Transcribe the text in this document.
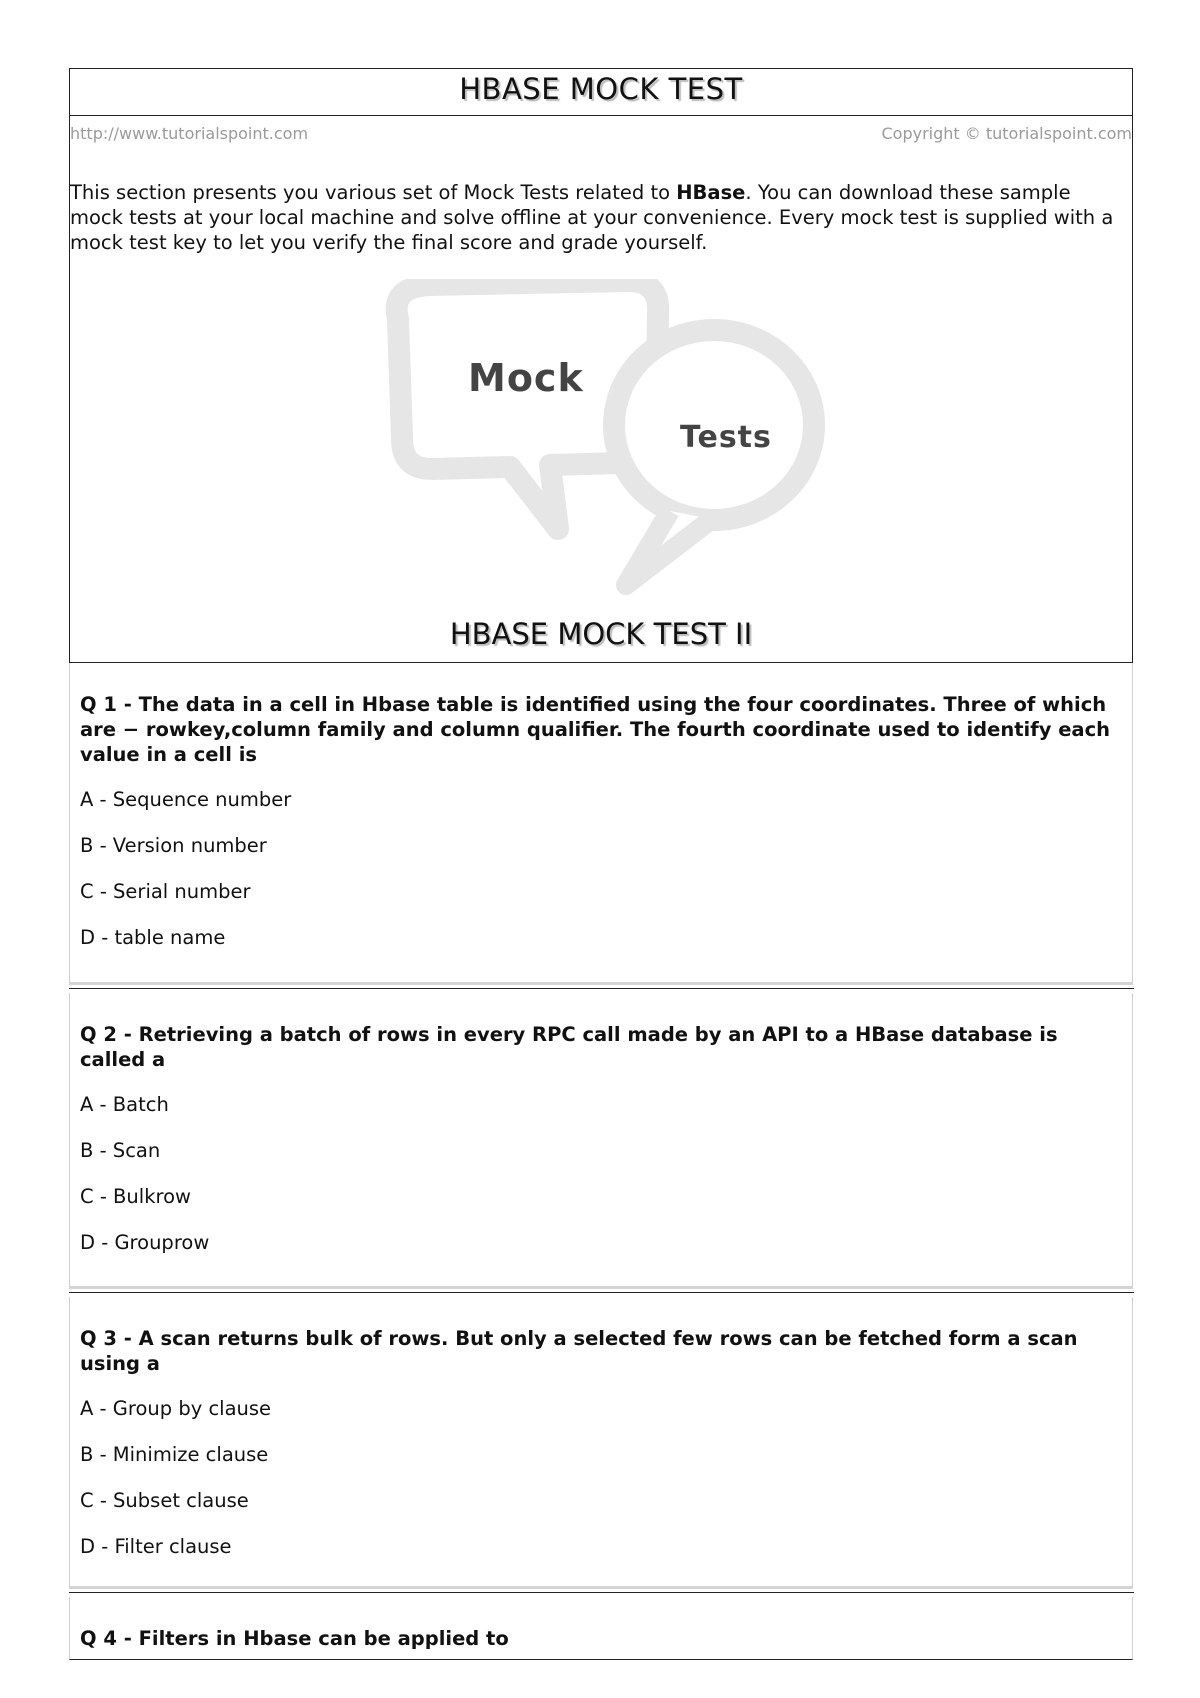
HBASE MOCK TEST
http://www.tutorialspoint.com	Copyright © tutorialspoint.com
This section presents you various set of Mock Tests related to HBase. You can download these sample mock tests at your local machine and solve offline at your convenience. Every mock test is supplied with a mock test key to let you verify the final score and grade yourself.
Mock
Tests
HBASE MOCK TEST II
Q 1 - The data in a cell in Hbase table is identified using the four coordinates. Three of which are − rowkey,column family and column qualifier. The fourth coordinate used to identify each value in a cell is
A - Sequence number
B - Version number
C - Serial number
D - table name
Q 2 - Retrieving a batch of rows in every RPC call made by an API to a HBase database is called a
A - Batch
B - Scan
C - Bulkrow
D - Grouprow
Q 3 - A scan returns bulk of rows. But only a selected few rows can be fetched form a scan using a
A - Group by clause
B - Minimize clause
C - Subset clause
D - Filter clause
Q 4 - Filters in Hbase can be applied to
